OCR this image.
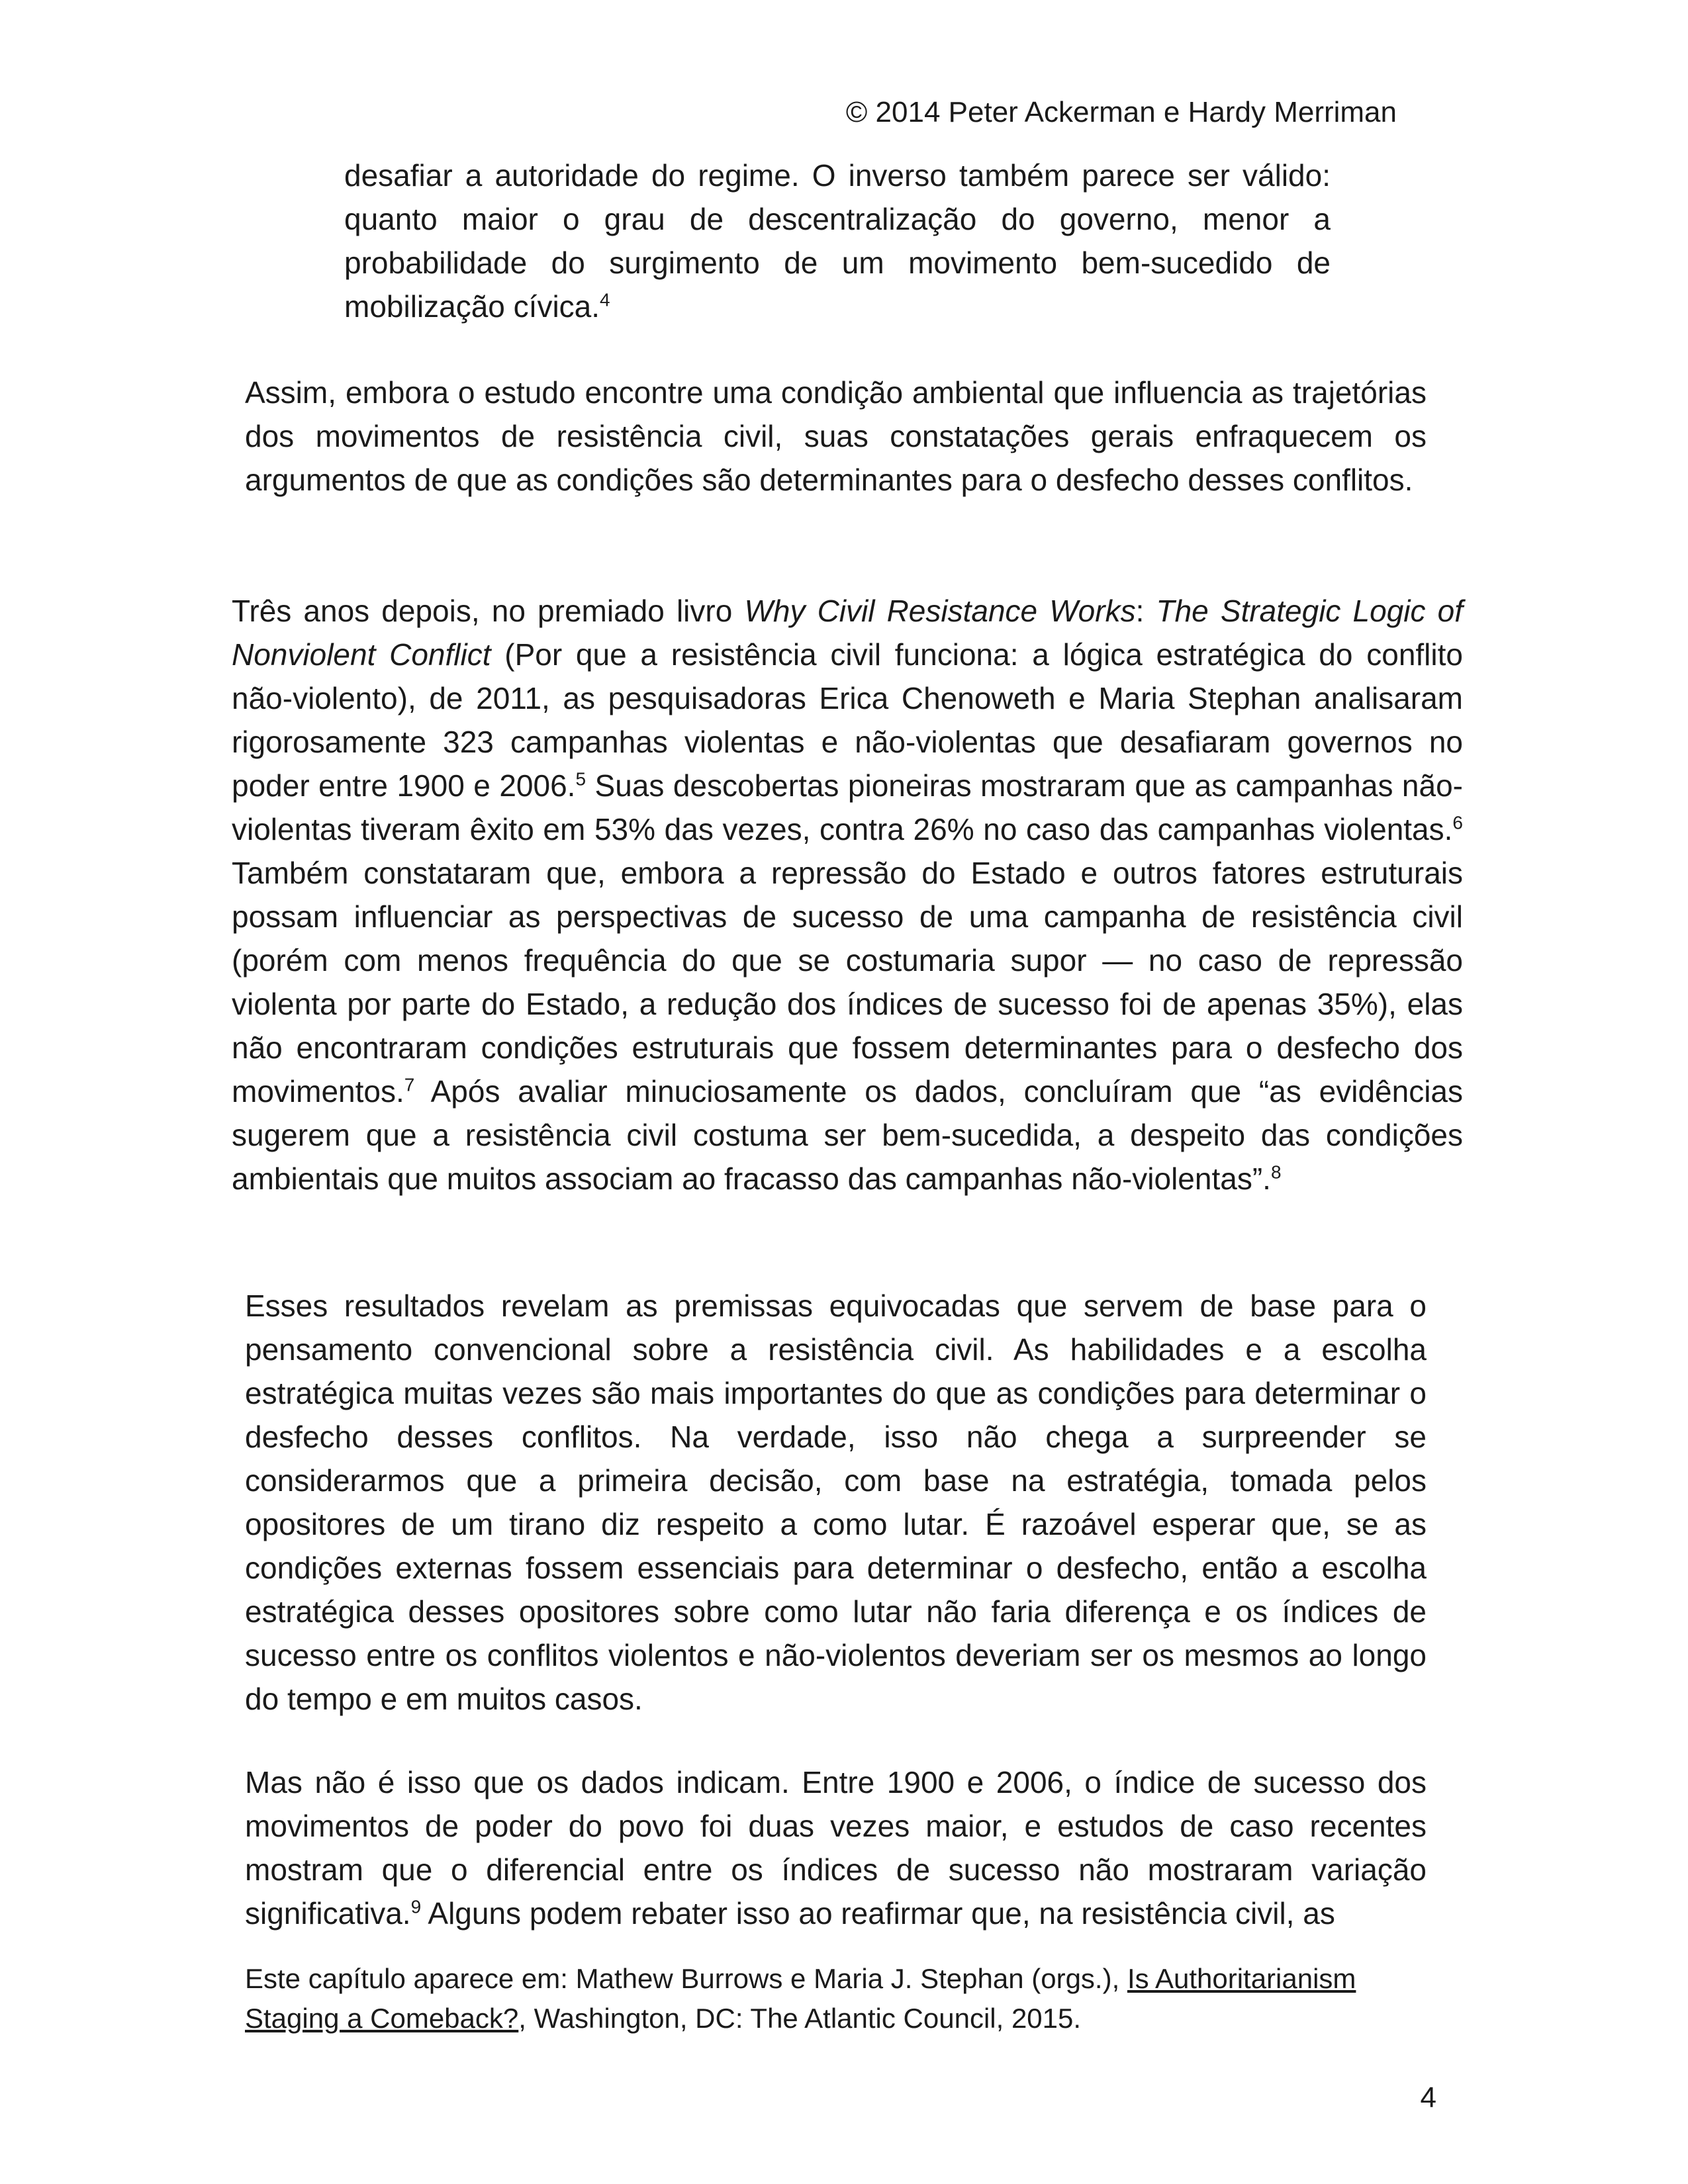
© 2014 Peter Ackerman e Hardy Merriman

desafiar a autoridade do regime. O inverso também parece ser válido: quanto maior o grau de descentralização do governo, menor a probabilidade do surgimento de um movimento bem-sucedido de mobilização cívica.$^4$

Assim, embora o estudo encontre uma condição ambiental que influencia as trajetórias dos movimentos de resistência civil, suas constatações gerais enfraquecem os argumentos de que as condições são determinantes para o desfecho desses conflitos.

Três anos depois, no premiado livro Why Civil Resistance Works: The Strategic Logic of Nonviolent Conflict (Por que a resistência civil funciona: a lógica estratégica do conflito não-violento), de 2011, as pesquisadoras Erica Chenoweth e Maria Stephan analisaram rigorosamente 323 campanhas violentas e não-violentas que desafiaram governos no poder entre 1900 e 2006.$^5$ Suas descobertas pioneiras mostraram que as campanhas não-violentas tiveram êxito em 53% das vezes, contra 26% no caso das campanhas violentas.$^6$ Também constataram que, embora a repressão do Estado e outros fatores estruturais possam influenciar as perspectivas de sucesso de uma campanha de resistência civil (porém com menos frequência do que se costumaria supor — no caso de repressão violenta por parte do Estado, a redução dos índices de sucesso foi de apenas 35%), elas não encontraram condições estruturais que fossem determinantes para o desfecho dos movimentos.$^7$ Após avaliar minuciosamente os dados, concluíram que “as evidências sugerem que a resistência civil costuma ser bem-sucedida, a despeito das condições ambientais que muitos associam ao fracasso das campanhas não-violentas”.$^8$

Esses resultados revelam as premissas equivocadas que servem de base para o pensamento convencional sobre a resistência civil. As habilidades e a escolha estratégica muitas vezes são mais importantes do que as condições para determinar o desfecho desses conflitos. Na verdade, isso não chega a surpreender se considerarmos que a primeira decisão, com base na estratégia, tomada pelos opositores de um tirano diz respeito a como lutar. É razoável esperar que, se as condições externas fossem essenciais para determinar o desfecho, então a escolha estratégica desses opositores sobre como lutar não faria diferença e os índices de sucesso entre os conflitos violentos e não-violentos deveriam ser os mesmos ao longo do tempo e em muitos casos.

Mas não é isso que os dados indicam. Entre 1900 e 2006, o índice de sucesso dos movimentos de poder do povo foi duas vezes maior, e estudos de caso recentes mostram que o diferencial entre os índices de sucesso não mostraram variação significativa.$^9$ Alguns podem rebater isso ao reafirmar que, na resistência civil, as

Este capítulo aparece em: Mathew Burrows e Maria J. Stephan (orgs.), Is Authoritarianism Staging a Comeback?, Washington, DC: The Atlantic Council, 2015.

4
